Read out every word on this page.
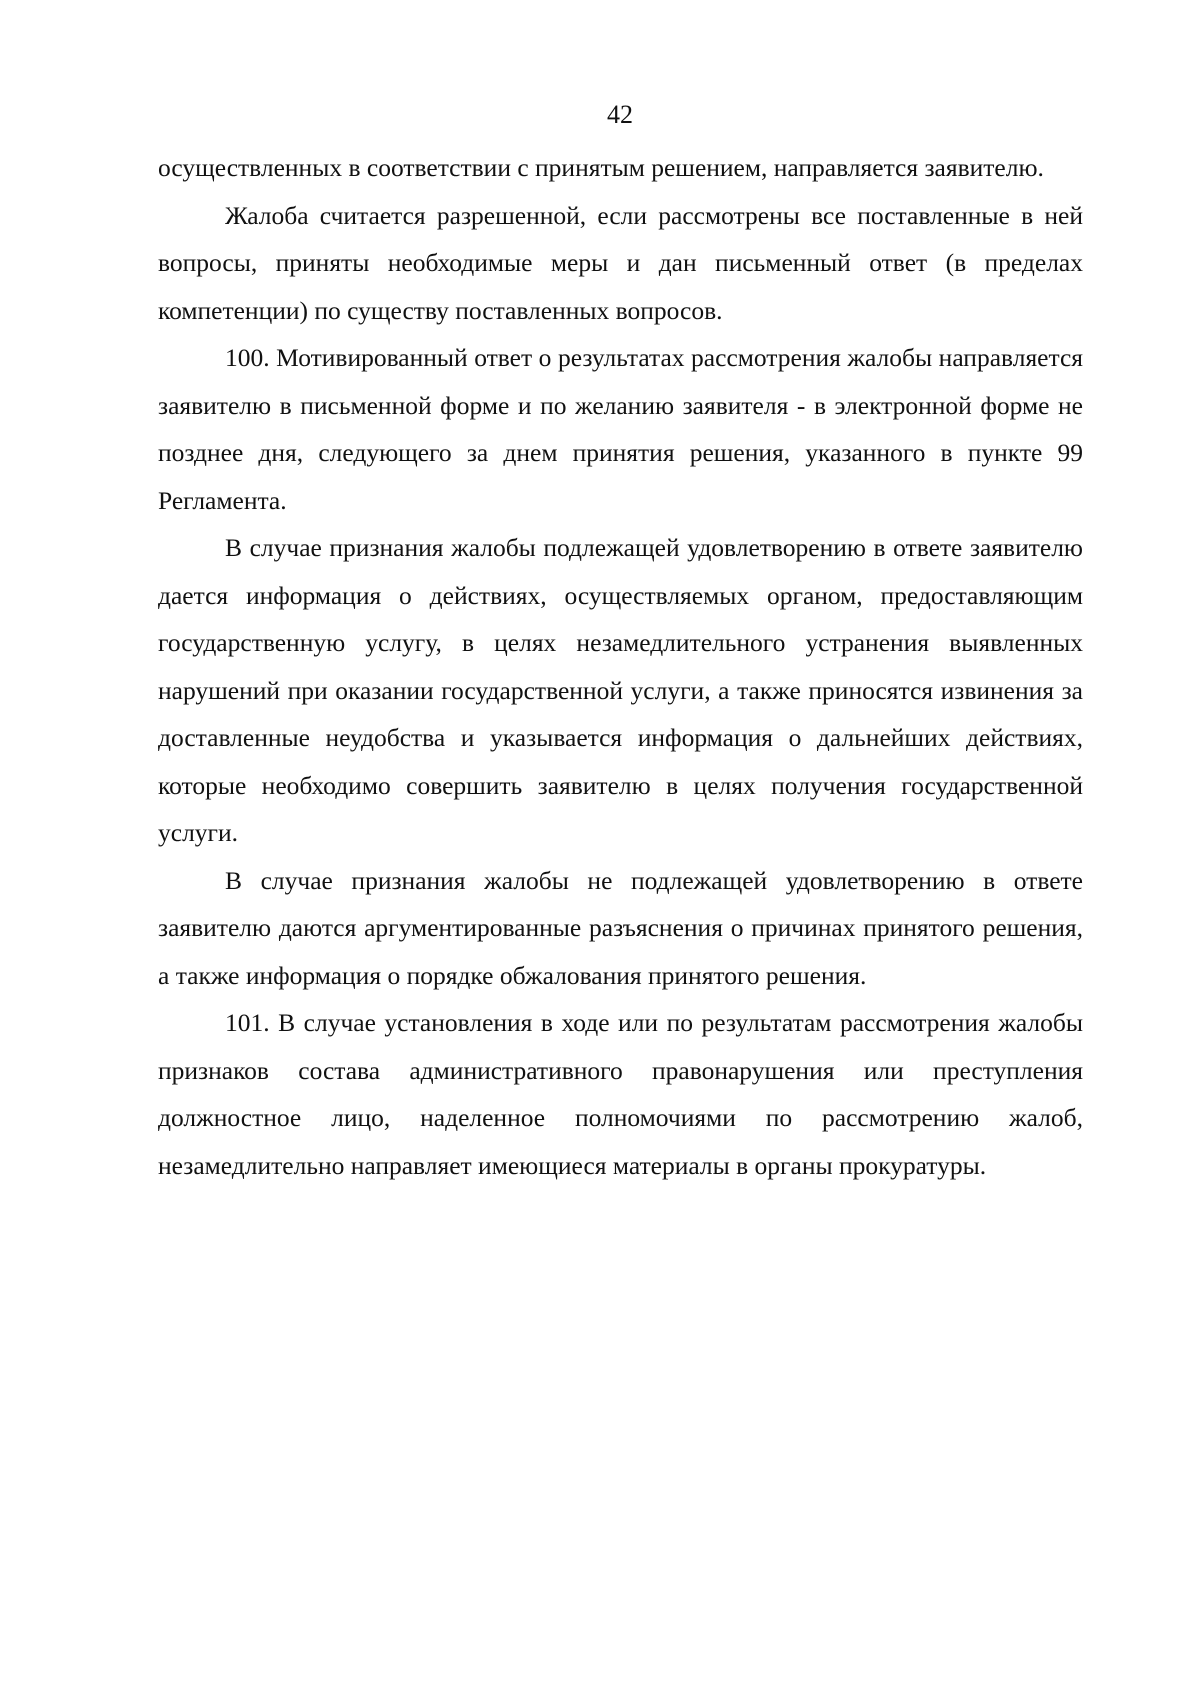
42

осуществленных в соответствии с принятым решением, направляется заявителю.

Жалоба считается разрешенной, если рассмотрены все поставленные в ней вопросы, приняты необходимые меры и дан письменный ответ (в пределах компетенции) по существу поставленных вопросов.

100. Мотивированный ответ о результатах рассмотрения жалобы направляется заявителю в письменной форме и по желанию заявителя - в электронной форме не позднее дня, следующего за днем принятия решения, указанного в пункте 99 Регламента.

В случае признания жалобы подлежащей удовлетворению в ответе заявителю дается информация о действиях, осуществляемых органом, предоставляющим государственную услугу, в целях незамедлительного устранения выявленных нарушений при оказании государственной услуги, а также приносятся извинения за доставленные неудобства и указывается информация о дальнейших действиях, которые необходимо совершить заявителю в целях получения государственной услуги.

В случае признания жалобы не подлежащей удовлетворению в ответе заявителю даются аргументированные разъяснения о причинах принятого решения, а также информация о порядке обжалования принятого решения.

101. В случае установления в ходе или по результатам рассмотрения жалобы признаков состава административного правонарушения или преступления должностное лицо, наделенное полномочиями по рассмотрению жалоб, незамедлительно направляет имеющиеся материалы в органы прокуратуры.
